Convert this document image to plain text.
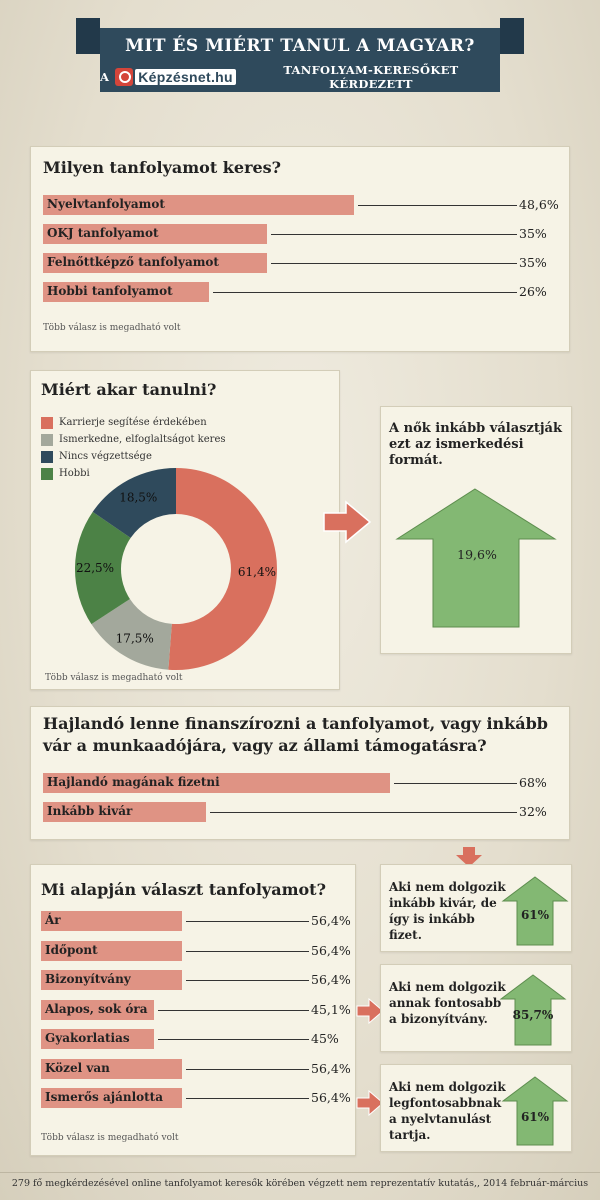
MIT ÉS MIÉRT TANUL A MAGYAR?
A Képzésnet.hu	TANFOLYAM-KERESŐKET KÉRDEZETT
Milyen tanfolyamot keres?
Nyelvtanfolyamot	48,6%
OKJ tanfolyamot	35%
Felnőttképző tanfolyamot	35%
Hobbi tanfolyamot	26%
Több válasz is megadható volt
Miért akar tanulni?
Karrierje segítése érdekében
Ismerkedne, elfoglaltságot keres
Nincs végzettsége
Hobbi
61,4%
17,5%
22,5%
18,5%
Több válasz is megadható volt
A nők inkább választják ezt az ismerkedési formát.
19,6%
Hajlandó lenne finanszírozni a tanfolyamot, vagy inkább vár a munkaadójára, vagy az állami támogatásra?
Hajlandó magának fizetni	68%
Inkább kivár	32%
Mi alapján választ tanfolyamot?
Ár	56,4%
Időpont	56,4%
Bizonyítvány	56,4%
Alapos, sok óra	45,1%
Gyakorlatias	45%
Közel van	56,4%
Ismerős ajánlotta	56,4%
Több válasz is megadható volt
Aki nem dolgozik inkább kivár, de így is inkább fizet.
61%
Aki nem dolgozik annak fontosabb a bizonyítvány.	85,7%
Aki nem dolgozik legfontosabbnak a nyelvtanulást tartja.
61%
279 fő megkérdezésével online tanfolyamot keresők körében végzett nem reprezentatív kutatás,, 2014 február-március
